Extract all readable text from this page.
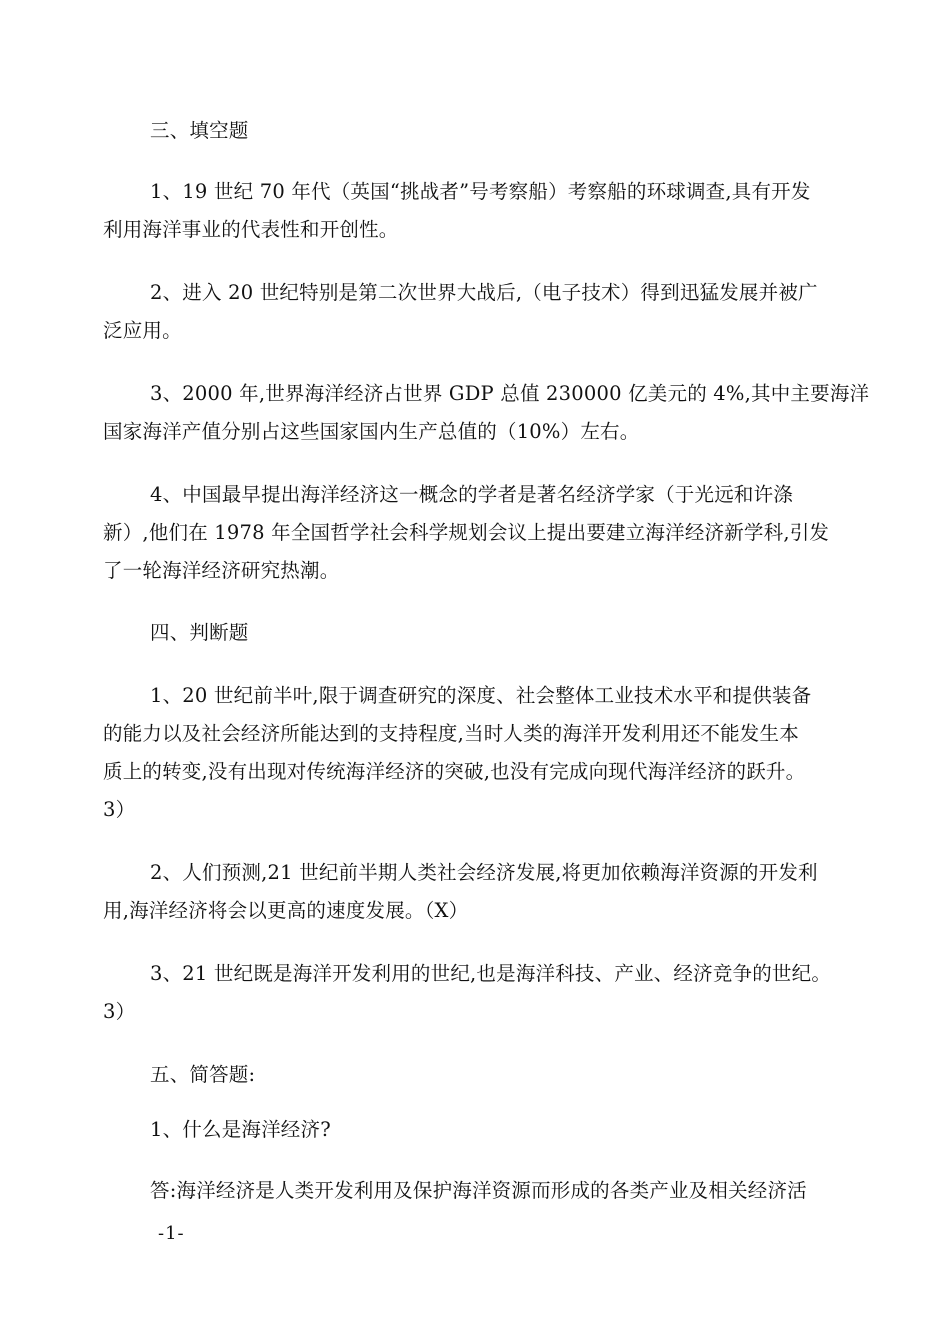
三、填空题
1、19 世纪 70 年代（英国“挑战者”号考察船）考察船的环球调查,具有开发
利用海洋事业的代表性和开创性。
2、进入 20 世纪特别是第二次世界大战后,（电子技术）得到迅猛发展并被广
泛应用。
3、2000 年,世界海洋经济占世界 GDP 总值 230000 亿美元的 4%,其中主要海洋
国家海洋产值分别占这些国家国内生产总值的（10%）左右。
4、中国最早提出海洋经济这一概念的学者是著名经济学家（于光远和许涤
新）,他们在 1978 年全国哲学社会科学规划会议上提出要建立海洋经济新学科,引发
了一轮海洋经济研究热潮。
四、判断题
1、20 世纪前半叶,限于调查研究的深度、社会整体工业技术水平和提供装备
的能力以及社会经济所能达到的支持程度,当时人类的海洋开发利用还不能发生本
质上的转变,没有出现对传统海洋经济的突破,也没有完成向现代海洋经济的跃升。
3）
2、人们预测,21 世纪前半期人类社会经济发展,将更加依赖海洋资源的开发利
用,海洋经济将会以更高的速度发展。（X）
3、21 世纪既是海洋开发利用的世纪,也是海洋科技、产业、经济竞争的世纪。
3）
五、简答题:
1、什么是海洋经济?
答:海洋经济是人类开发利用及保护海洋资源而形成的各类产业及相关经济活
-1-
